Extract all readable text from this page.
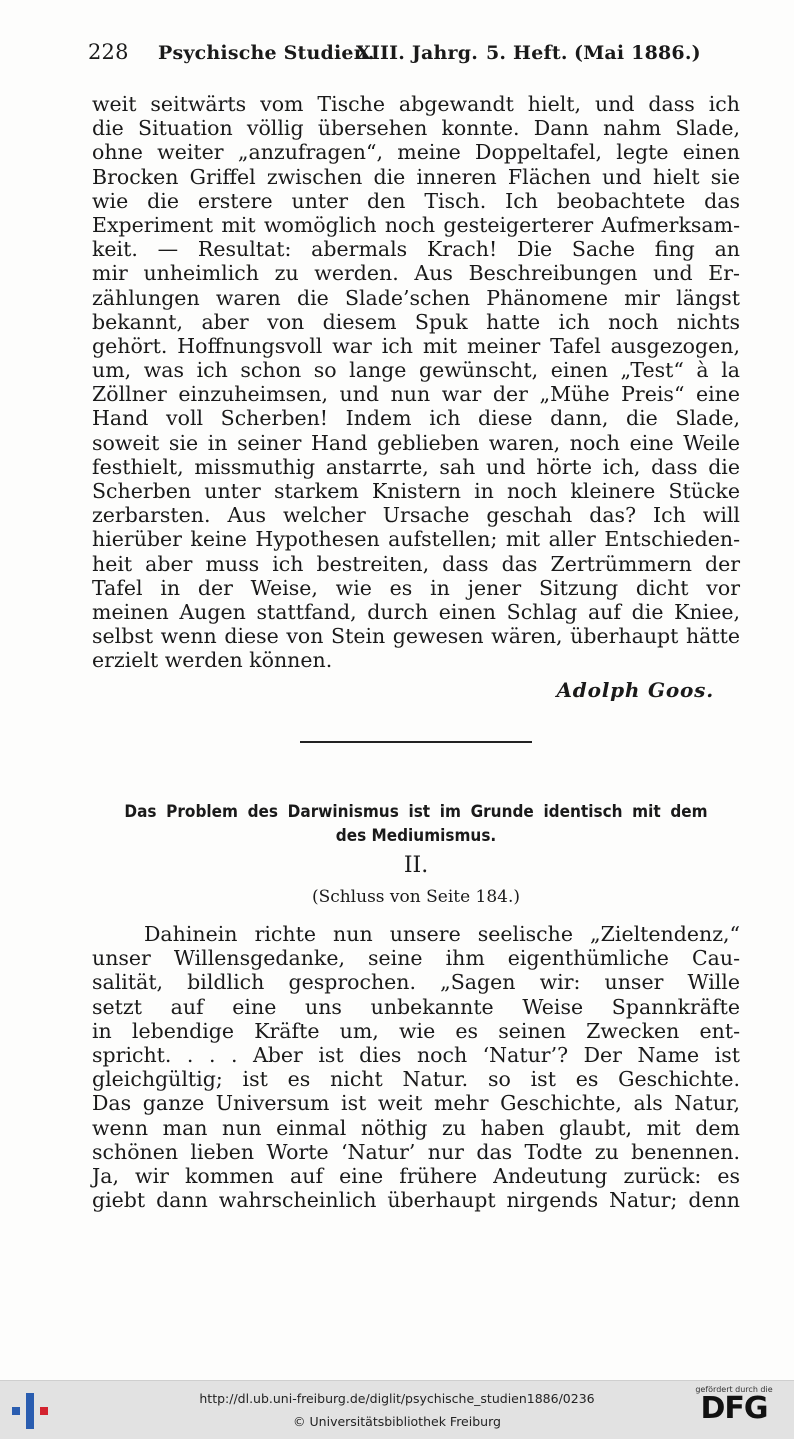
228 Psychische Studien.
XIII. Jahrg. 5. Heft. (Mai 1886.)
weit seitwärts vom Tische abgewandt hielt, und dass ich
die Situation völlig übersehen konnte. Dann nahm Slade,
ohne weiter „anzufragen“, meine Doppeltafel, legte einen
Brocken Griffel zwischen die inneren Flächen und hielt sie
wie die erstere unter den Tisch. Ich beobachtete das
Experiment mit womöglich noch gesteigerterer Aufmerksam-
keit. — Resultat: abermals Krach! Die Sache fing an
mir unheimlich zu werden. Aus Beschreibungen und Er-
zählungen waren die Slade’schen Phänomene mir längst
bekannt, aber von diesem Spuk hatte ich noch nichts
gehört. Hoffnungsvoll war ich mit meiner Tafel ausgezogen,
um, was ich schon so lange gewünscht, einen „Test“ à la
Zöllner einzuheimsen, und nun war der „Mühe Preis“ eine
Hand voll Scherben! Indem ich diese dann, die Slade,
soweit sie in seiner Hand geblieben waren, noch eine Weile
festhielt, missmuthig anstarrte, sah und hörte ich, dass die
Scherben unter starkem Knistern in noch kleinere Stücke
zerbarsten. Aus welcher Ursache geschah das? Ich will
hierüber keine Hypothesen aufstellen; mit aller Entschieden-
heit aber muss ich bestreiten, dass das Zertrümmern der
Tafel in der Weise, wie es in jener Sitzung dicht vor
meinen Augen stattfand, durch einen Schlag auf die Kniee,
selbst wenn diese von Stein gewesen wären, überhaupt hätte
erzielt werden können.
Adolph Goos.
Das Problem des Darwinismus ist im Grunde identisch mit dem
des Mediumismus.
II.
(Schluss von Seite 184.)
Dahinein richte nun unsere seelische „Zieltendenz,“
unser Willensgedanke, seine ihm eigenthümliche Cau-
salität, bildlich gesprochen. „Sagen wir: unser Wille
setzt auf eine uns unbekannte Weise Spannkräfte
in lebendige Kräfte um, wie es seinen Zwecken ent-
spricht. . . . Aber ist dies noch ‘Natur’? Der Name ist
gleichgültig; ist es nicht Natur. so ist es Geschichte.
Das ganze Universum ist weit mehr Geschichte, als Natur,
wenn man nun einmal nöthig zu haben glaubt, mit dem
schönen lieben Worte ‘Natur’ nur das Todte zu benennen.
Ja, wir kommen auf eine frühere Andeutung zurück: es
giebt dann wahrscheinlich überhaupt nirgends Natur; denn
http://dl.ub.uni-freiburg.de/diglit/psychische_studien1886/0236
© Universitätsbibliothek Freiburg
gefördert durch die
DFG
